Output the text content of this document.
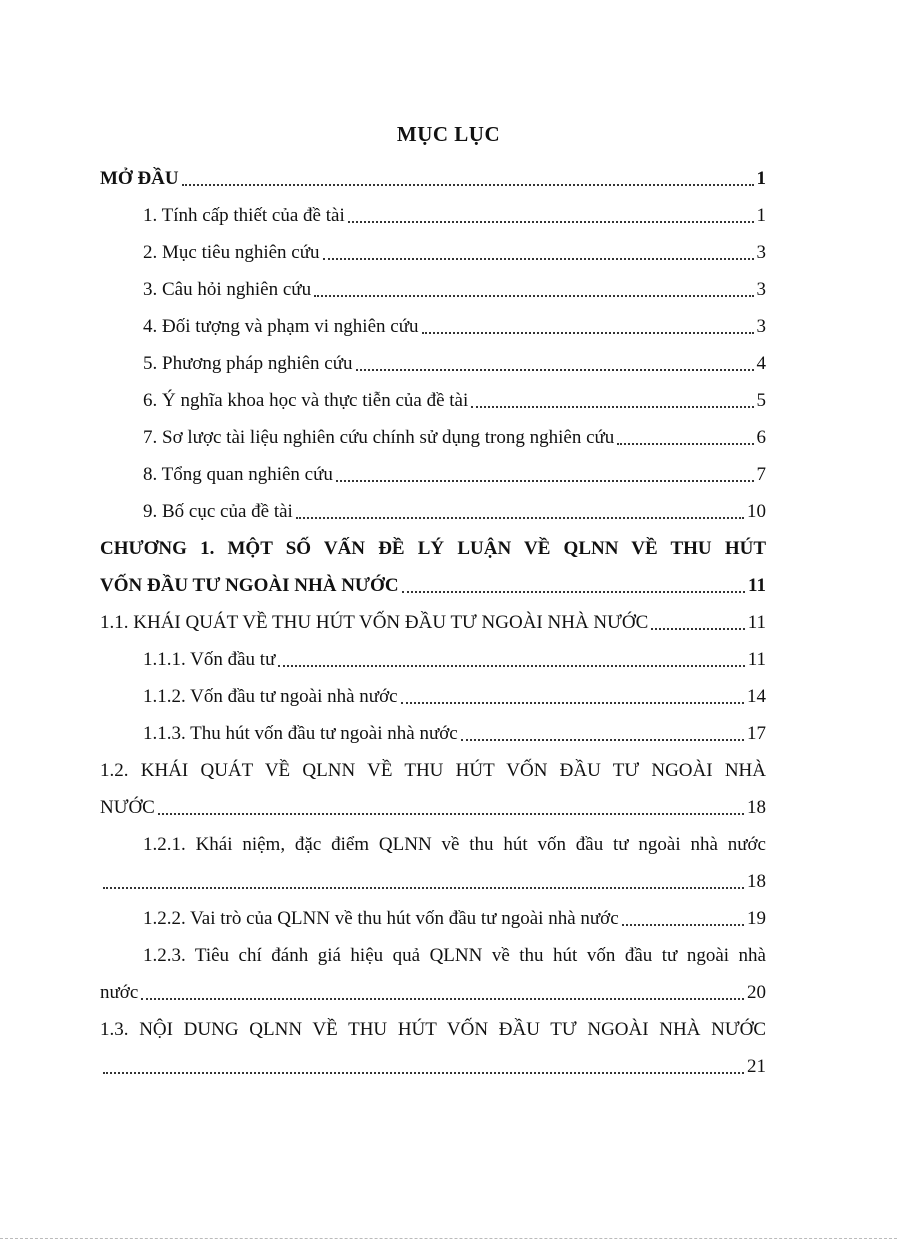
MỤC LỤC
MỞ ĐẦU	1
1. Tính cấp thiết của đề tài	1
2. Mục tiêu nghiên cứu	3
3. Câu hỏi nghiên cứu	3
4. Đối tượng và phạm vi nghiên cứu	3
5. Phương pháp nghiên cứu	4
6. Ý nghĩa khoa học và thực tiễn của đề tài	5
7. Sơ lược tài liệu nghiên cứu chính sử dụng trong nghiên cứu	6
8. Tổng quan nghiên cứu	7
9. Bố cục của đề tài	10
CHƯƠNG 1. MỘT SỐ VẤN ĐỀ LÝ LUẬN VỀ QLNN VỀ THU HÚT
VỐN ĐẦU TƯ NGOÀI NHÀ NƯỚC	11
1.1. KHÁI QUÁT VỀ THU HÚT VỐN ĐẦU TƯ NGOÀI NHÀ NƯỚC	11
1.1.1. Vốn đầu tư	11
1.1.2. Vốn đầu tư ngoài nhà nước	14
1.1.3. Thu hút vốn đầu tư ngoài nhà nước	17
1.2. KHÁI QUÁT VỀ QLNN VỀ THU HÚT VỐN ĐẦU TƯ NGOÀI NHÀ
NƯỚC	18
1.2.1. Khái niệm, đặc điểm QLNN về thu hút vốn đầu tư ngoài nhà nước
18
1.2.2. Vai trò của QLNN về thu hút vốn đầu tư ngoài nhà nước	19
1.2.3. Tiêu chí đánh giá hiệu quả QLNN về thu hút vốn đầu tư ngoài nhà
nước	20
1.3. NỘI DUNG QLNN VỀ THU HÚT VỐN ĐẦU TƯ NGOÀI NHÀ NƯỚC
21
